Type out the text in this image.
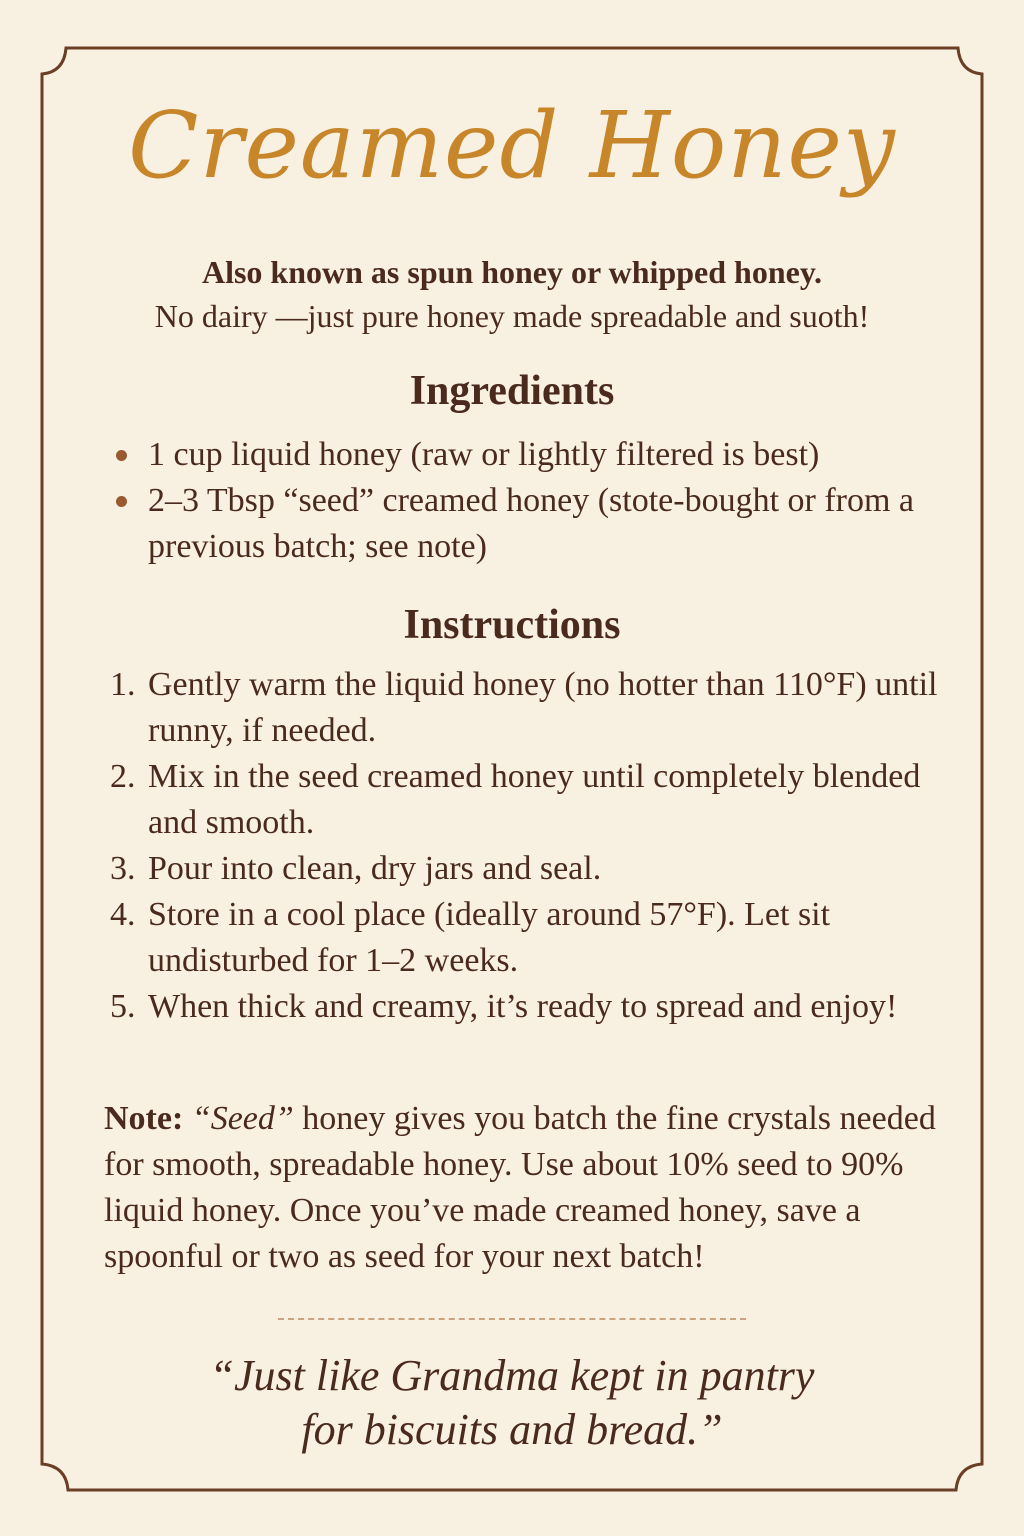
Creamed Honey
Also known as spun honey or whipped honey.
No dairy —just pure honey made spreadable and suoth!
Ingredients
1 cup liquid honey (raw or lightly filtered is best)
2–3 Tbsp “seed” creamed honey (stote-bought or from a previous batch; see note)
Instructions
1. Gently warm the liquid honey (no hotter than 110°F) until runny, if needed.
2. Mix in the seed creamed honey until completely blended and smooth.
3. Pour into clean, dry jars and seal.
4. Store in a cool place (ideally around 57°F). Let sit undisturbed for 1–2 weeks.
5. When thick and creamy, it’s ready to spread and enjoy!
Note: “Seed” honey gives you batch the fine crystals needed for smooth, spreadable honey. Use about 10% seed to 90% liquid honey. Once you’ve made creamed honey, save a spoonful or two as seed for your next batch!
“Just like Grandma kept in pantry
for biscuits and bread.”
